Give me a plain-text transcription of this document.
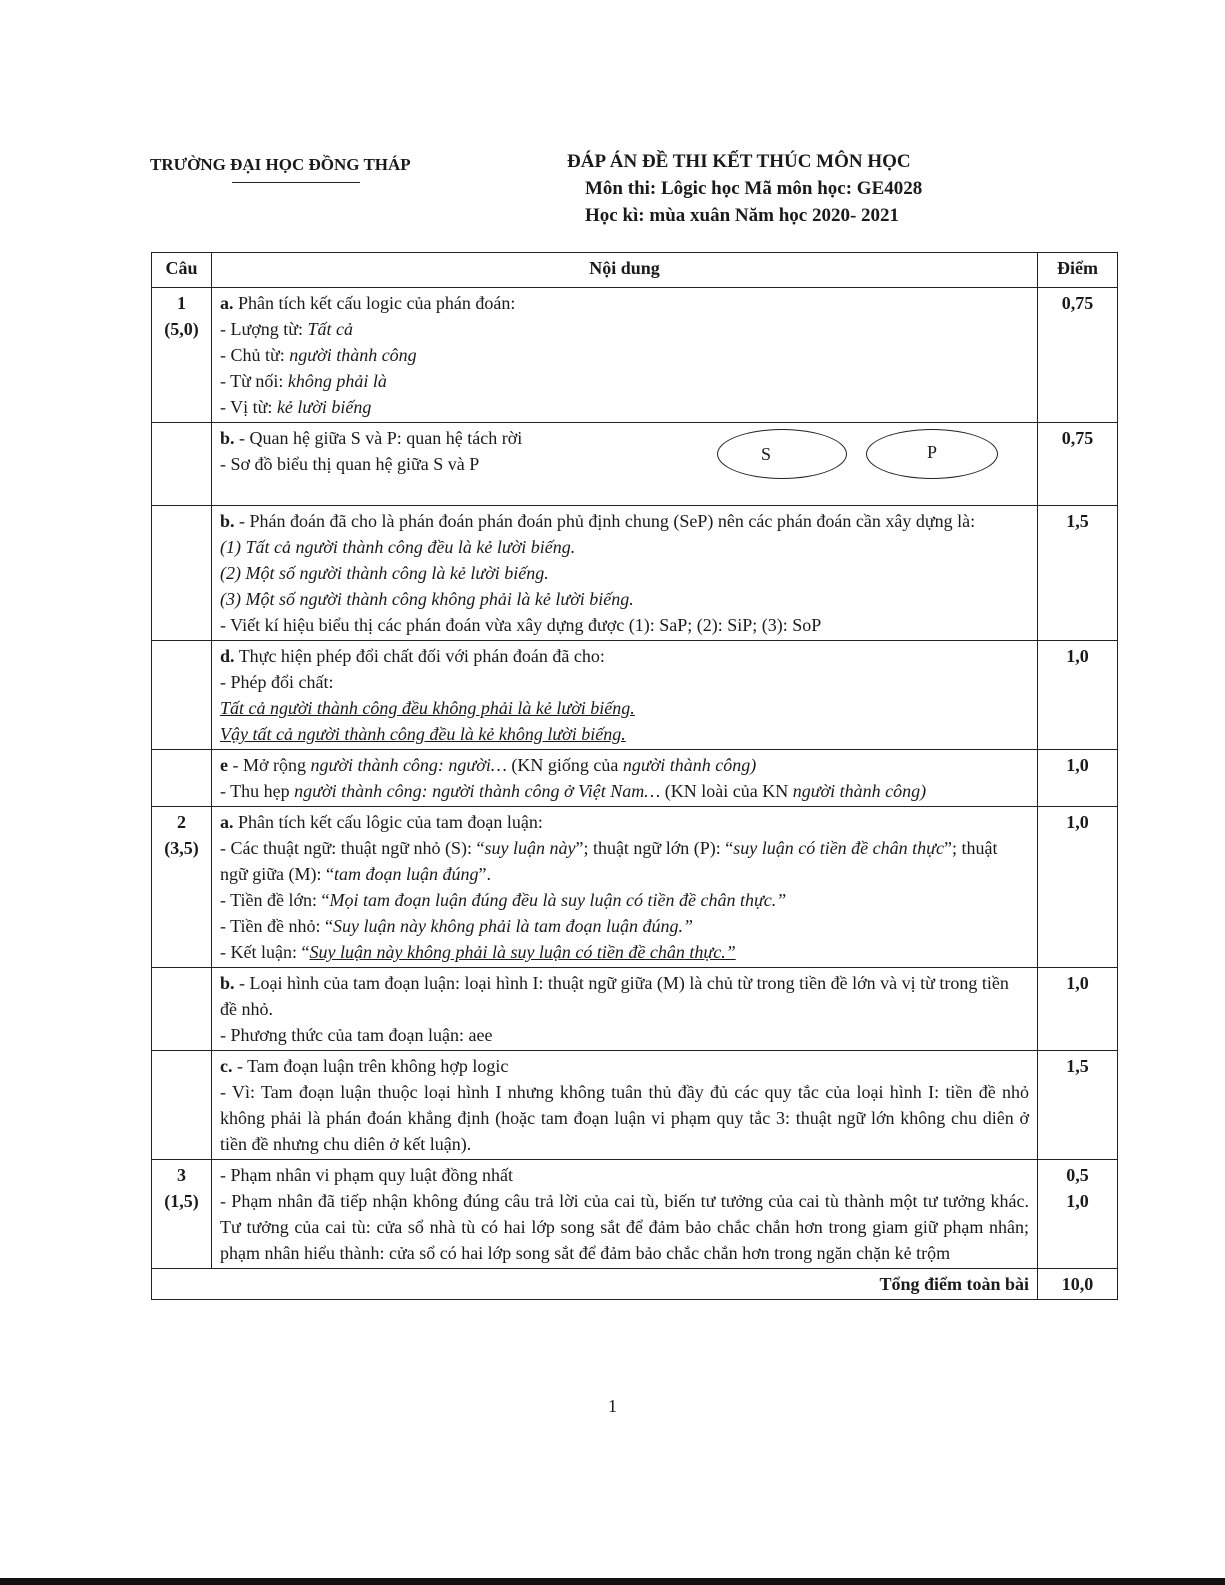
TRƯỜNG ĐẠI HỌC ĐỒNG THÁP	ĐÁP ÁN ĐỀ THI KẾT THÚC MÔN HỌC
Môn thi: Lôgic học Mã môn học: GE4028
Học kì: mùa xuân Năm học 2020- 2021
Câu	Nội dung	Điểm

1
(5,0)	a. Phân tích kết cấu logic của phán đoán:
- Lượng từ: Tất cả
- Chủ từ: người thành công
- Từ nối: không phải là
- Vị từ: kẻ lười biếng	0,75

	b. - Quan hệ giữa S và P: quan hệ tách rời
- Sơ đồ biểu thị quan hệ giữa S và P S P	0,75

	b. - Phán đoán đã cho là phán đoán phán đoán phủ định chung (SeP) nên các phán đoán cần xây dựng là:
(1) Tất cả người thành công đều là kẻ lười biếng.
(2) Một số người thành công là kẻ lười biếng.
(3) Một số người thành công không phải là kẻ lười biếng.
- Viết kí hiệu biểu thị các phán đoán vừa xây dựng được (1): SaP; (2): SiP; (3): SoP	1,5

	d. Thực hiện phép đổi chất đối với phán đoán đã cho:
- Phép đổi chất:
Tất cả người thành công đều không phải là kẻ lười biếng.
Vậy tất cả người thành công đều là kẻ không lười biếng.	1,0

	e - Mở rộng người thành công: người… (KN giống của người thành công)
- Thu hẹp người thành công: người thành công ở Việt Nam… (KN loài của KN người thành công)	1,0

2
(3,5)	a. Phân tích kết cấu lôgic của tam đoạn luận:
- Các thuật ngữ: thuật ngữ nhỏ (S): “suy luận này”; thuật ngữ lớn (P): “suy luận có tiền đề chân thực”; thuật ngữ giữa (M): “tam đoạn luận đúng”.
- Tiền đề lớn: “Mọi tam đoạn luận đúng đều là suy luận có tiền đề chân thực.”
- Tiền đề nhỏ: “Suy luận này không phải là tam đoạn luận đúng.”
- Kết luận: “Suy luận này không phải là suy luận có tiền đề chân thực.”	1,0

	b. - Loại hình của tam đoạn luận: loại hình I: thuật ngữ giữa (M) là chủ từ trong tiền đề lớn và vị từ trong tiền đề nhỏ.
- Phương thức của tam đoạn luận: aee	1,0

	c. - Tam đoạn luận trên không hợp logic
- Vì: Tam đoạn luận thuộc loại hình I nhưng không tuân thủ đầy đủ các quy tắc của loại hình I: tiền đề nhỏ không phải là phán đoán khẳng định (hoặc tam đoạn luận vi phạm quy tắc 3: thuật ngữ lớn không chu diên ở tiền đề nhưng chu diên ở kết luận).	1,5

3
(1,5)	- Phạm nhân vi phạm quy luật đồng nhất
- Phạm nhân đã tiếp nhận không đúng câu trả lời của cai tù, biến tư tưởng của cai tù thành một tư tưởng khác. Tư tưởng của cai tù: cửa sổ nhà tù có hai lớp song sắt để đảm bảo chắc chắn hơn trong giam giữ phạm nhân; phạm nhân hiểu thành: cửa sổ có hai lớp song sắt để đảm bảo chắc chắn hơn trong ngăn chặn kẻ trộm	0,5
1,0

Tổng điểm toàn bài		10,0
1
